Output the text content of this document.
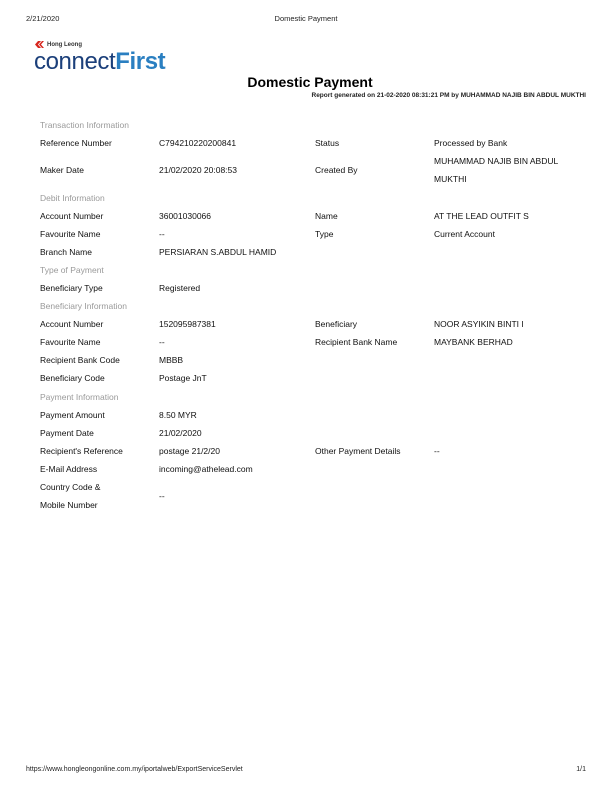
2/21/2020	Domestic Payment
Hong Leong
connectFirst
Domestic Payment
Report generated on 21-02-2020 08:31:21 PM by MUHAMMAD NAJIB BIN ABDUL MUKTHI
Transaction Information
Reference Number	C794210220200841	Status	Processed by Bank
Maker Date	21/02/2020 20:08:53	Created By
MUHAMMAD NAJIB BIN ABDUL
MUKTHI
Debit Information
Account Number	36001030066	Name	AT THE LEAD OUTFIT S
Favourite Name	--	Type	Current Account
Branch Name	PERSIARAN S.ABDUL HAMID
Type of Payment
Beneficiary Type	Registered
Beneficiary Information
Account Number	152095987381	Beneficiary	NOOR ASYIKIN BINTI I
Favourite Name	--	Recipient Bank Name	MAYBANK BERHAD
Recipient Bank Code	MBBB
Beneficiary Code	Postage JnT
Payment Information
Payment Amount	8.50 MYR
Payment Date	21/02/2020
Recipient's Reference	postage 21/2/20	Other Payment Details	--
E-Mail Address	incoming@athelead.com
Country Code &
Mobile Number
--
https://www.hongleongonline.com.my/iportalweb/ExportServiceServlet	1/1
